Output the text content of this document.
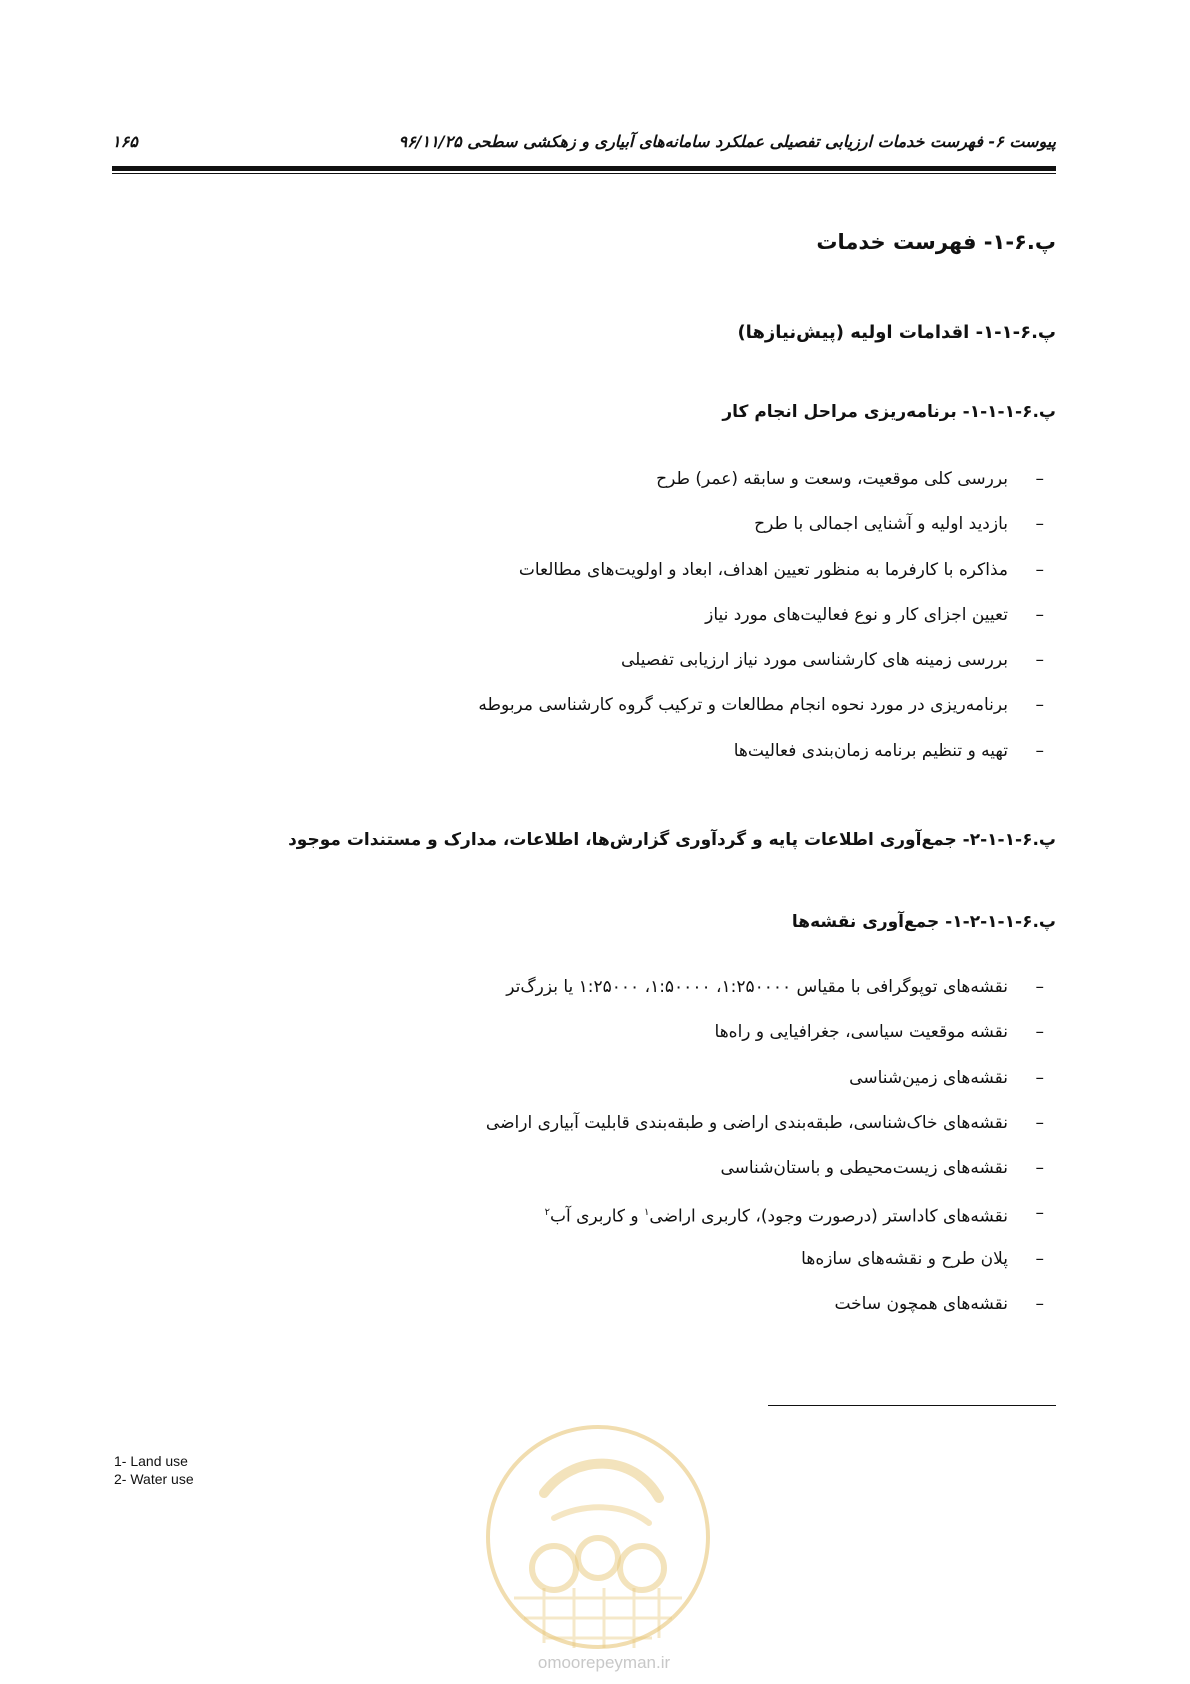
پیوست ۶- فهرست خدمات ارزیابی تفصیلی عملکرد سامانه‌های آبیاری و زهکشی سطحی ۹۶/۱۱/۲۵
۱۶۵
پ.۶-۱- فهرست خدمات
پ.۶-۱-۱- اقدامات اولیه (پیش‌نیازها)
پ.۶-۱-۱-۱- برنامه‌ریزی مراحل انجام کار
–
بررسی کلی موقعیت، وسعت و سابقه (عمر) طرح
–
بازدید اولیه و آشنایی اجمالی با طرح
–
مذاکره با کارفرما به منظور تعیین اهداف، ابعاد و اولویت‌های مطالعات
–
تعیین اجزای کار و نوع فعالیت‌های مورد نیاز
–
بررسی زمینه های کارشناسی مورد نیاز ارزیابی تفصیلی
–
برنامه‌ریزی در مورد نحوه انجام مطالعات و ترکیب گروه کارشناسی مربوطه
–
تهیه و تنظیم برنامه زمان‌بندی فعالیت‌ها
پ.۶-۱-۱-۲- جمع‌آوری اطلاعات پایه و گردآوری گزارش‌ها، اطلاعات، مدارک و مستندات موجود
پ.۶-۱-۱-۲-۱- جمع‌آوری نقشه‌ها
–
نقشه‌های توپوگرافی با مقیاس ۱:۲۵۰۰۰۰، ۱:۵۰۰۰۰، ۱:۲۵۰۰۰ یا بزرگ‌تر
–
نقشه موقعیت سیاسی، جغرافیایی و راه‌ها
–
نقشه‌های زمین‌شناسی
–
نقشه‌های خاک‌شناسی، طبقه‌بندی اراضی و طبقه‌بندی قابلیت آبیاری اراضی
–
نقشه‌های زیست‌محیطی و باستان‌شناسی
–
نقشه‌های کاداستر (درصورت وجود)، کاربری اراضی$^۱$ و کاربری آب$^۲$
–
پلان طرح و نقشه‌های سازه‌ها
–
نقشه‌های همچون ساخت
1- Land use
2- Water use
omoorepeyman.ir
